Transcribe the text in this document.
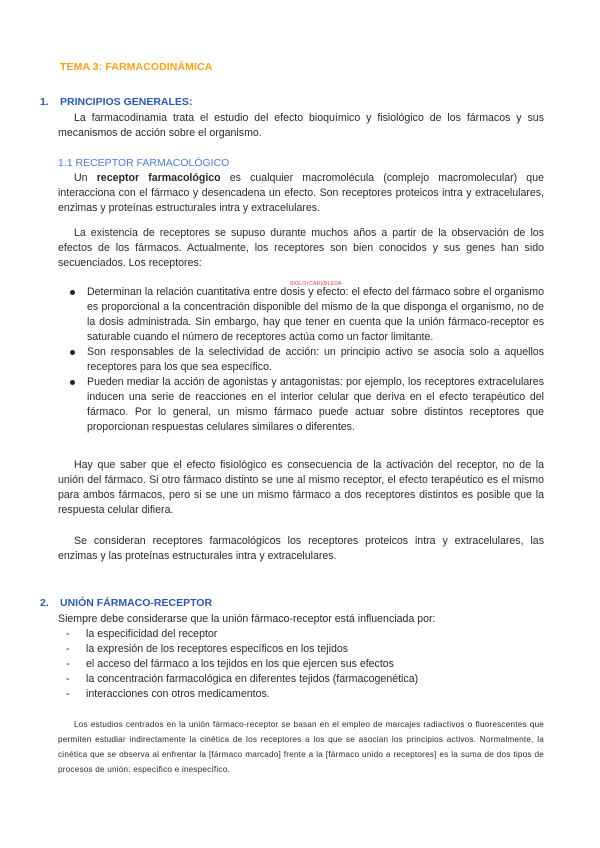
TEMA 3: FARMACODINÁMICA
1. PRINCIPIOS GENERALES:
La farmacodinamia trata el estudio del efecto bioquímico y fisiológico de los fármacos y sus mecanismos de acción sobre el organismo.
1.1 RECEPTOR FARMACOLÓGICO
Un receptor farmacológico es cualquier macromolécula (complejo macromolecular) que interacciona con el fármaco y desencadena un efecto. Son receptores proteicos intra y extracelulares, enzimas y proteínas estructurales intra y extracelulares.
La existencia de receptores se supuso durante muchos años a partir de la observación de los efectos de los fármacos. Actualmente, los receptores son bien conocidos y sus genes han sido secuenciados. Los receptores:
SIGLO†CAR)(BLEDA
Determinan la relación cuantitativa entre dosis y efecto: el efecto del fármaco sobre el organismo es proporcional a la concentración disponible del mismo de la que disponga el organismo, no de la dosis administrada. Sin embargo, hay que tener en cuenta que la unión fármaco-receptor es saturable cuando el número de receptores actúa como un factor limitante.
Son responsables de la selectividad de acción: un principio activo se asocia solo a aquellos receptores para los que sea específico.
Pueden mediar la acción de agonistas y antagonistas: por ejemplo, los receptores extracelulares inducen una serie de reacciones en el interior celular que deriva en el efecto terapéutico del fármaco. Por lo general, un mismo fármaco puede actuar sobre distintos receptores que proporcionan respuestas celulares similares o diferentes.
Hay que saber que el efecto fisiológico es consecuencia de la activación del receptor, no de la unión del fármaco. Si otro fármaco distinto se une al mismo receptor, el efecto terapéutico es el mismo para ambos fármacos, pero si se une un mismo fármaco a dos receptores distintos es posible que la respuesta celular difiera.
Se consideran receptores farmacológicos los receptores proteicos intra y extracelulares, las enzimas y las proteínas estructurales intra y extracelulares.
2. UNIÓN FÁRMACO-RECEPTOR
Siempre debe considerarse que la unión fármaco-receptor está influenciada por:
- la especificidad del receptor
- la expresión de los receptores específicos en los tejidos
- el acceso del fármaco a los tejidos en los que ejercen sus efectos
- la concentración farmacológica en diferentes tejidos (farmacogenética)
- interacciones con otros medicamentos.
Los estudios centrados en la unión fármaco-receptor se basan en el empleo de marcajes radiactivos o fluorescentes que permiten estudiar indirectamente la cinética de los receptores a los que se asocian los principios activos. Normalmente, la cinética que se observa al enfrentar la [fármaco marcado] frente a la [fármaco unido a receptores] es la suma de dos tipos de procesos de unión: específico e inespecífico.
